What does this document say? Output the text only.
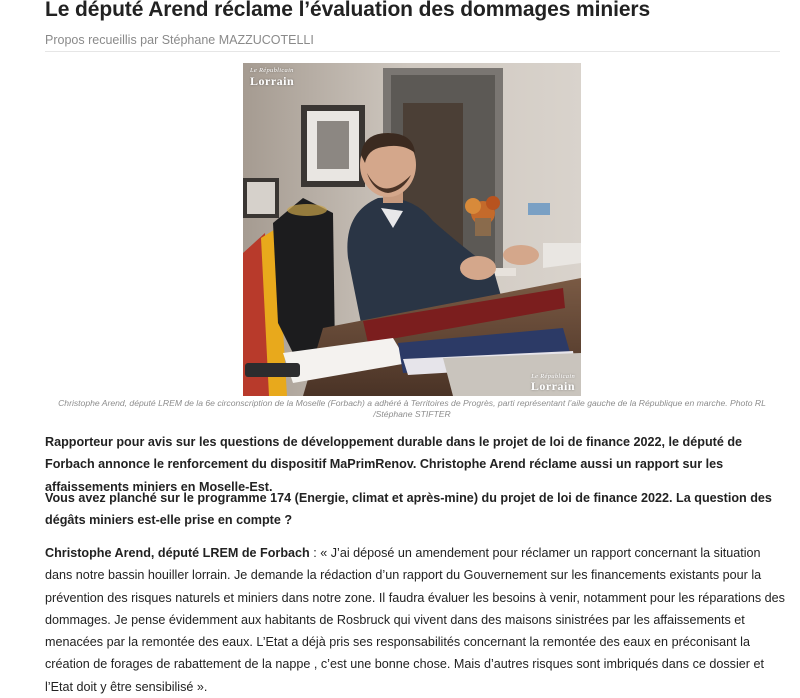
Le député Arend réclame l’évaluation des dommages miniers
Propos recueillis par Stéphane MAZZUCOTELLI
Le Républicain
Lorrain
Le Républicain
Lorrain
Christophe Arend, député LREM de la 6e circonscription de la Moselle (Forbach) a adhéré à Territoires de Progrès, parti représentant l’aile gauche de la République en marche. Photo RL /Stéphane STIFTER

Rapporteur pour avis sur les questions de développement durable dans le projet de loi de finance 2022, le député de Forbach annonce le renforcement du dispositif MaPrimRenov. Christophe Arend réclame aussi un rapport sur les affaissements miniers en Moselle-Est.

Vous avez planché sur le programme 174 (Energie, climat et après-mine) du projet de loi de finance 2022. La question des dégâts miniers est-elle prise en compte ?

Christophe Arend, député LREM de Forbach : « J’ai déposé un amendement pour réclamer un rapport concernant la situation dans notre bassin houiller lorrain. Je demande la rédaction d’un rapport du Gouvernement sur les financements existants pour la prévention des risques naturels et miniers dans notre zone. Il faudra évaluer les besoins à venir, notamment pour les réparations des dommages. Je pense évidemment aux habitants de Rosbruck qui vivent dans des maisons sinistrées par les affaissements et menacées par la remontée des eaux. L’Etat a déjà pris ses responsabilités concernant la remontée des eaux en préconisant la création de forages de rabattement de la nappe , c’est une bonne chose. Mais d’autres risques sont imbriqués dans ce dossier et l’Etat doit y être sensibilisé ».
